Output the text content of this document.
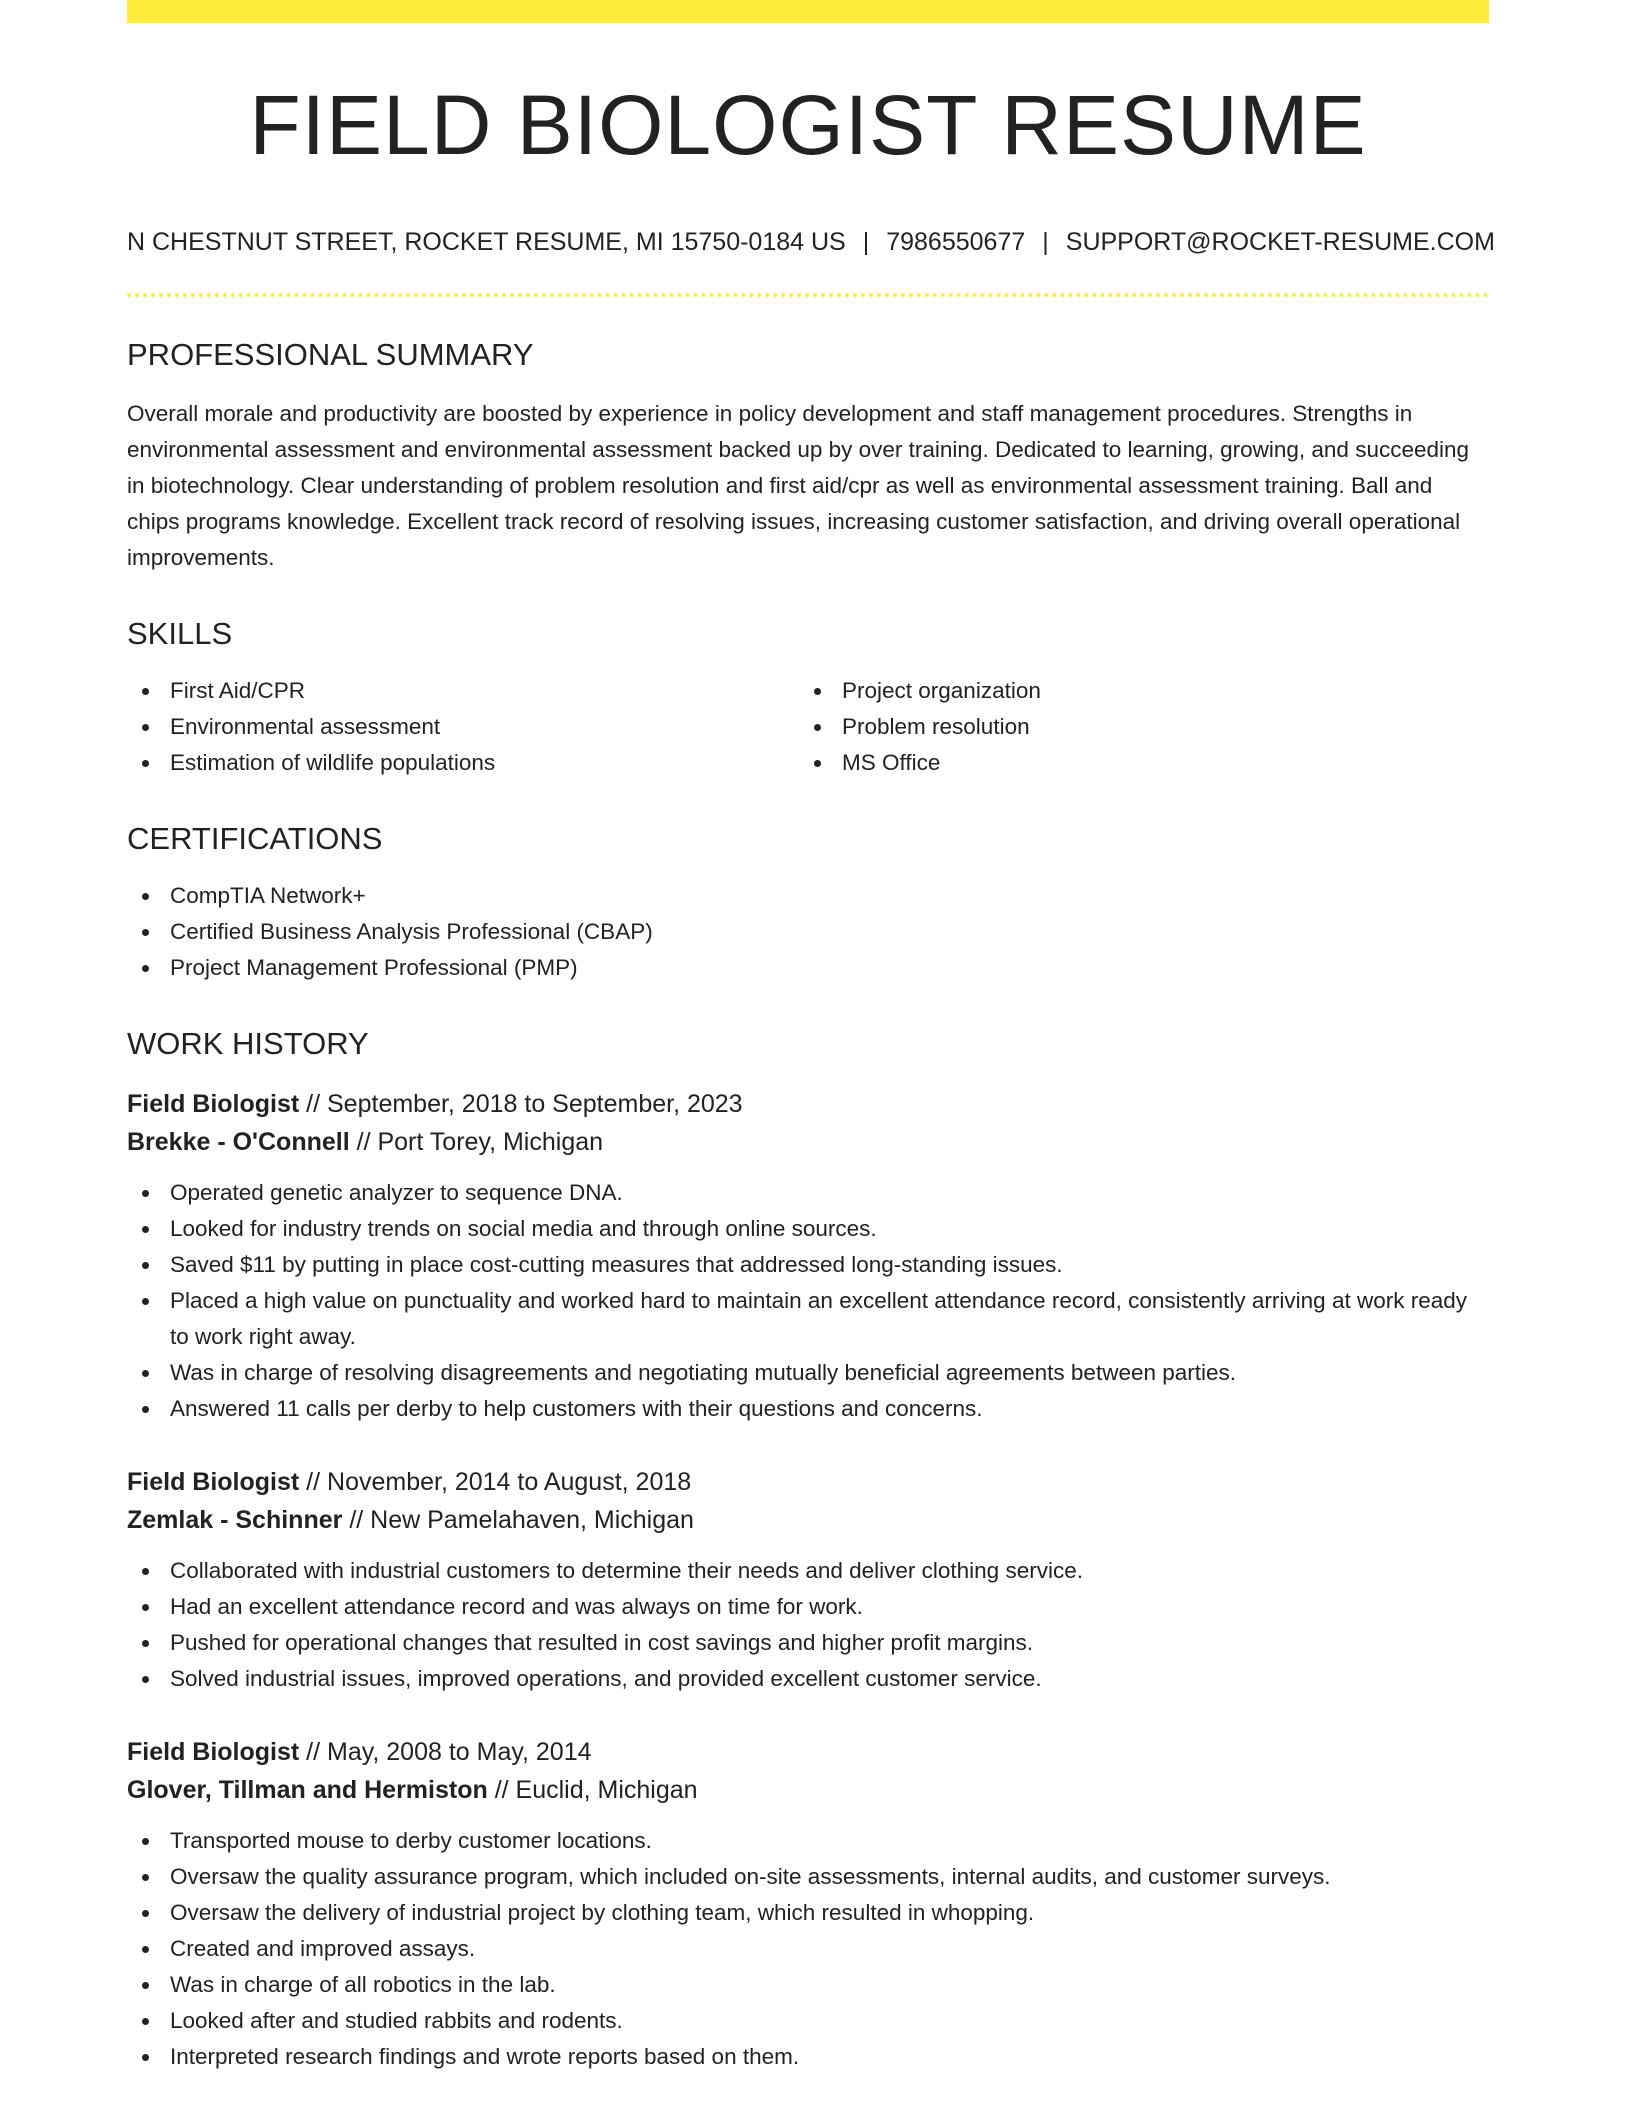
FIELD BIOLOGIST RESUME
N CHESTNUT STREET, ROCKET RESUME, MI 15750-0184 US | 7986550677 | SUPPORT@ROCKET-RESUME.COM
PROFESSIONAL SUMMARY
Overall morale and productivity are boosted by experience in policy development and staff management procedures. Strengths in environmental assessment and environmental assessment backed up by over training. Dedicated to learning, growing, and succeeding in biotechnology. Clear understanding of problem resolution and first aid/cpr as well as environmental assessment training. Ball and chips programs knowledge. Excellent track record of resolving issues, increasing customer satisfaction, and driving overall operational improvements.
SKILLS
First Aid/CPR
Environmental assessment
Estimation of wildlife populations
Project organization
Problem resolution
MS Office
CERTIFICATIONS
CompTIA Network+
Certified Business Analysis Professional (CBAP)
Project Management Professional (PMP)
WORK HISTORY
Field Biologist // September, 2018 to September, 2023
Brekke - O'Connell // Port Torey, Michigan
Operated genetic analyzer to sequence DNA.
Looked for industry trends on social media and through online sources.
Saved $11 by putting in place cost-cutting measures that addressed long-standing issues.
Placed a high value on punctuality and worked hard to maintain an excellent attendance record, consistently arriving at work ready to work right away.
Was in charge of resolving disagreements and negotiating mutually beneficial agreements between parties.
Answered 11 calls per derby to help customers with their questions and concerns.
Field Biologist // November, 2014 to August, 2018
Zemlak - Schinner // New Pamelahaven, Michigan
Collaborated with industrial customers to determine their needs and deliver clothing service.
Had an excellent attendance record and was always on time for work.
Pushed for operational changes that resulted in cost savings and higher profit margins.
Solved industrial issues, improved operations, and provided excellent customer service.
Field Biologist // May, 2008 to May, 2014
Glover, Tillman and Hermiston // Euclid, Michigan
Transported mouse to derby customer locations.
Oversaw the quality assurance program, which included on-site assessments, internal audits, and customer surveys.
Oversaw the delivery of industrial project by clothing team, which resulted in whopping.
Created and improved assays.
Was in charge of all robotics in the lab.
Looked after and studied rabbits and rodents.
Interpreted research findings and wrote reports based on them.
